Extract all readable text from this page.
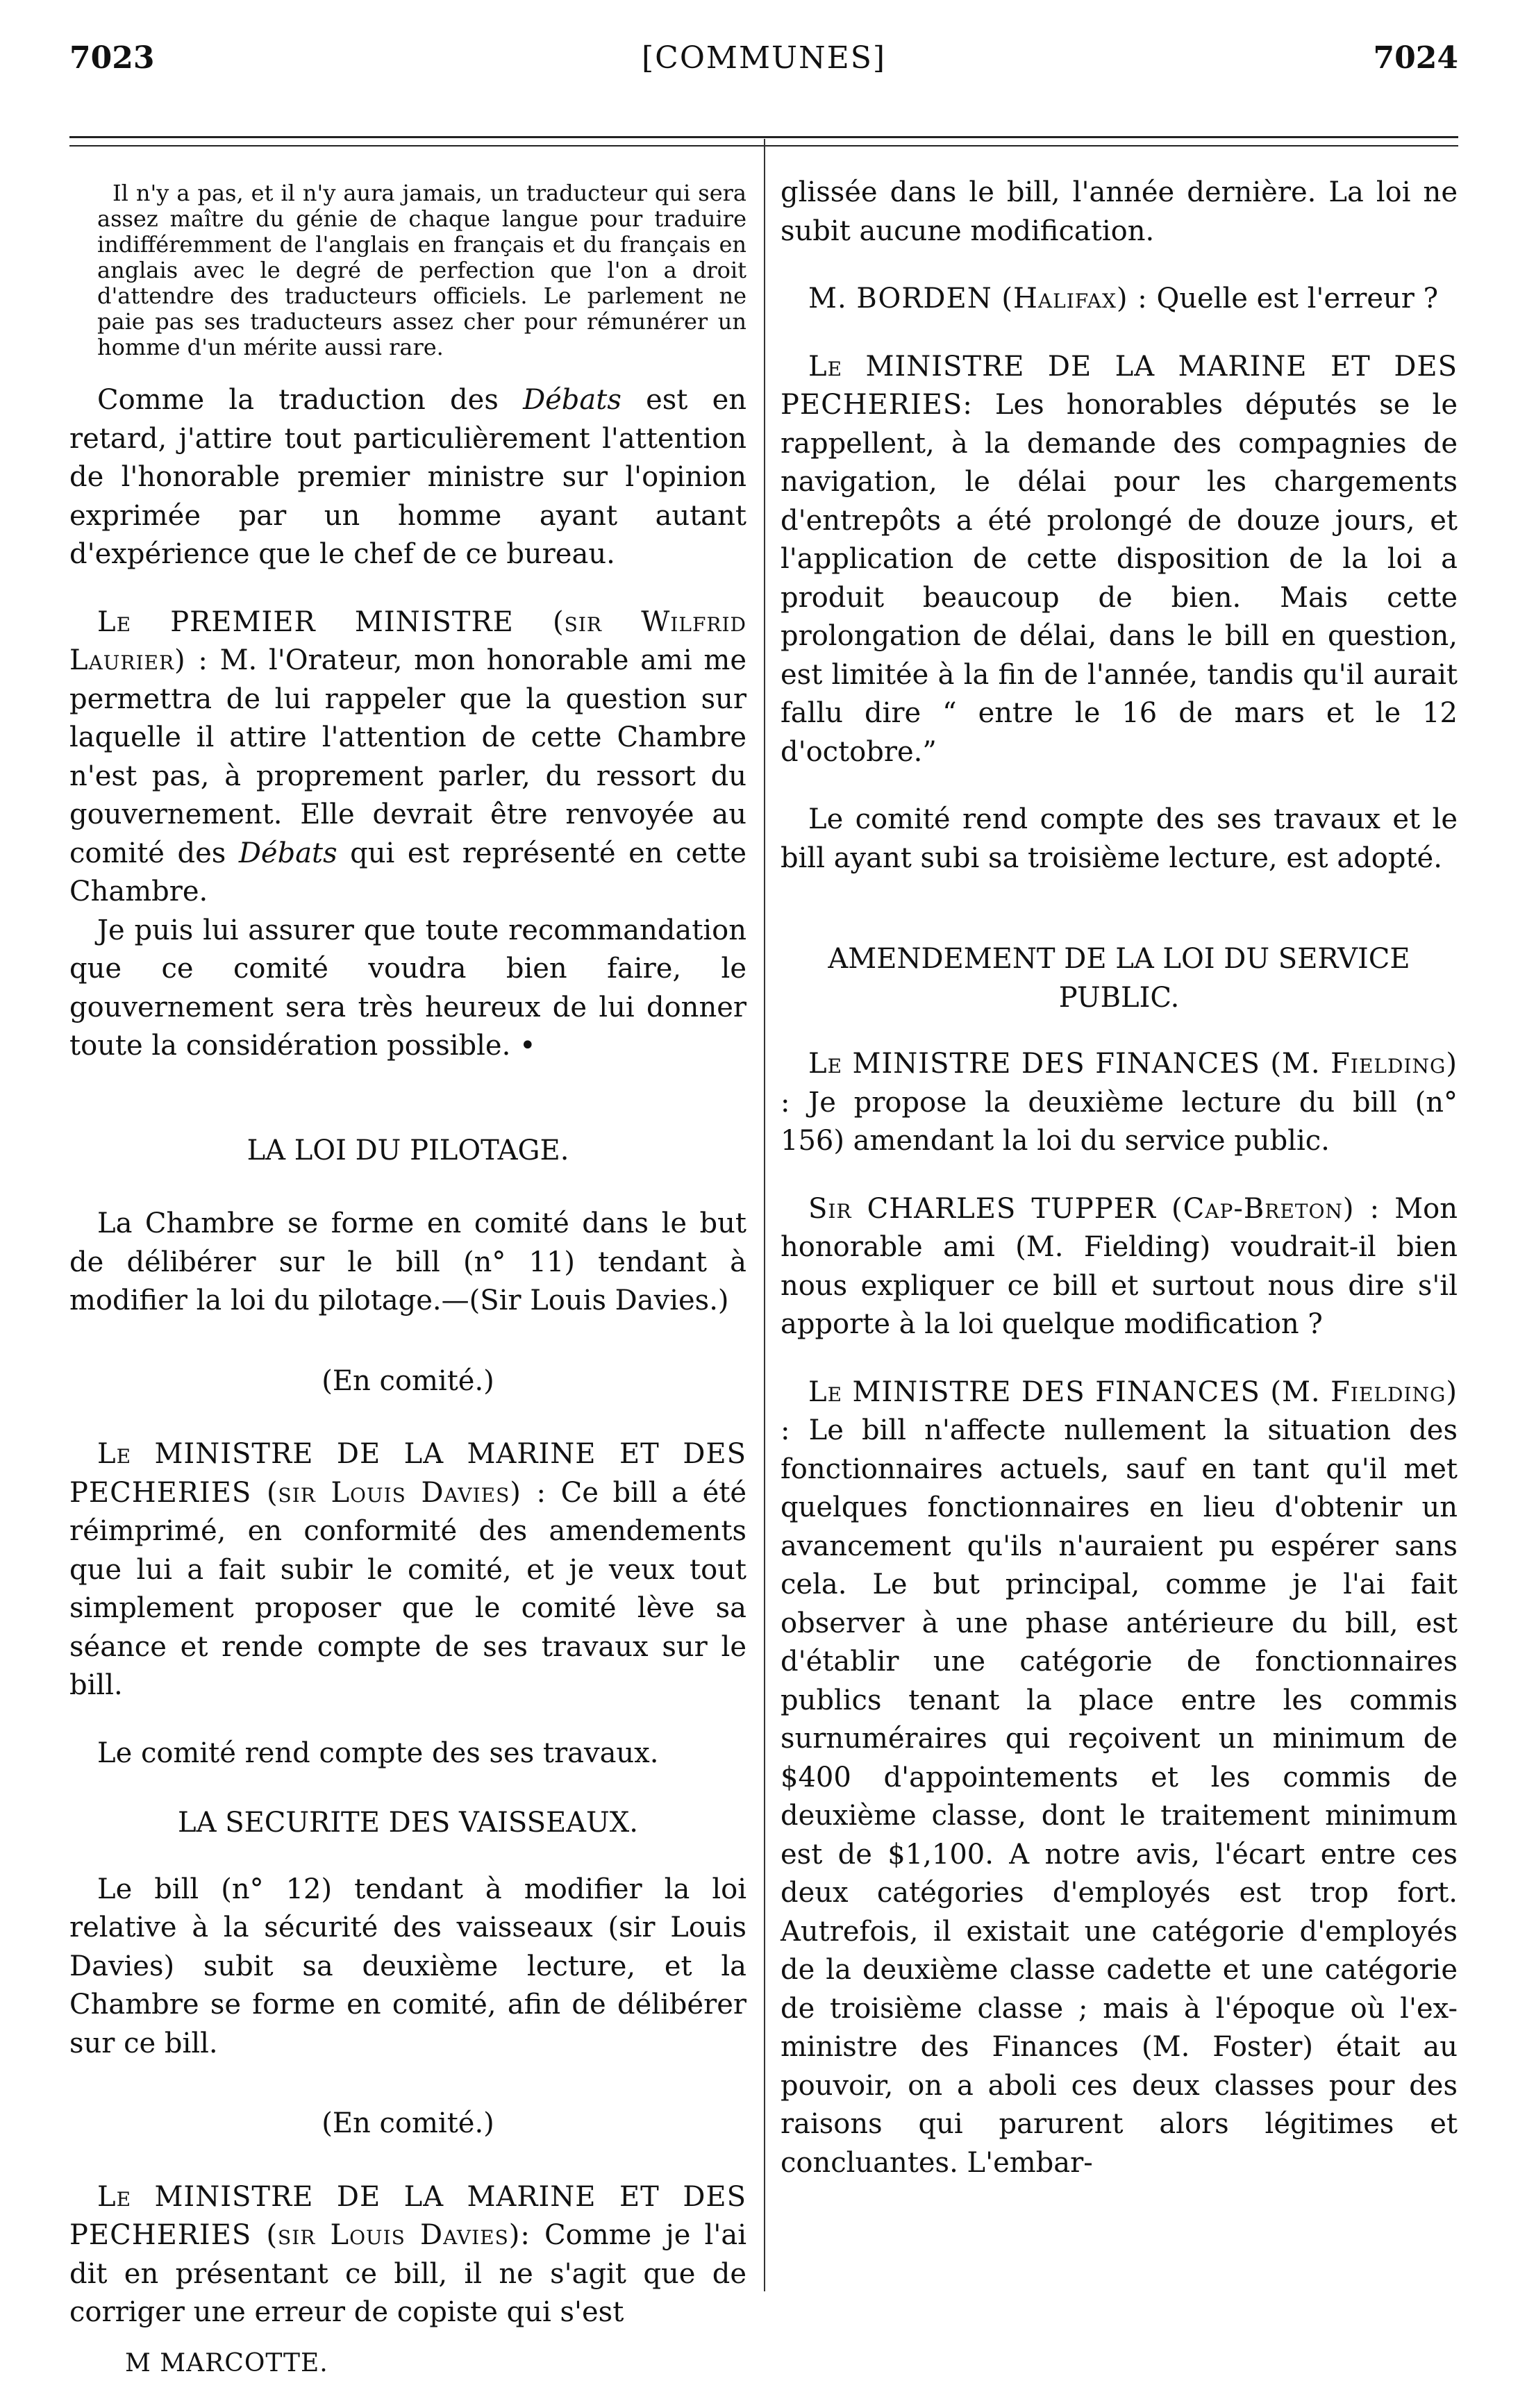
7023	[COMMUNES]	7024

Il n'y a pas, et il n'y aura jamais, un traducteur qui sera assez maître du génie de chaque langue pour traduire indifféremment de l'anglais en français et du français en anglais avec le degré de perfection que l'on a droit d'attendre des traducteurs officiels. Le parlement ne paie pas ses traducteurs assez cher pour rémunérer un homme d'un mérite aussi rare.

Comme la traduction des Débats est en retard, j'attire tout particulièrement l'attention de l'honorable premier ministre sur l'opinion exprimée par un homme ayant autant d'expérience que le chef de ce bureau.

Le PREMIER MINISTRE (sir Wilfrid Laurier) : M. l'Orateur, mon honorable ami me permettra de lui rappeler que la question sur laquelle il attire l'attention de cette Chambre n'est pas, à proprement parler, du ressort du gouvernement. Elle devrait être renvoyée au comité des Débats qui est représenté en cette Chambre.

Je puis lui assurer que toute recommandation que ce comité voudra bien faire, le gouvernement sera très heureux de lui donner toute la considération possible. •

LA LOI DU PILOTAGE.

La Chambre se forme en comité dans le but de délibérer sur le bill (n° 11) tendant à modifier la loi du pilotage.—(Sir Louis Davies.)

(En comité.)

Le MINISTRE DE LA MARINE ET DES PECHERIES (sir Louis Davies) : Ce bill a été réimprimé, en conformité des amendements que lui a fait subir le comité, et je veux tout simplement proposer que le comité lève sa séance et rende compte de ses travaux sur le bill.

Le comité rend compte des ses travaux.

LA SECURITE DES VAISSEAUX.

Le bill (n° 12) tendant à modifier la loi relative à la sécurité des vaisseaux (sir Louis Davies) subit sa deuxième lecture, et la Chambre se forme en comité, afin de délibérer sur ce bill.

(En comité.)

Le MINISTRE DE LA MARINE ET DES PECHERIES (sir Louis Davies): Comme je l'ai dit en présentant ce bill, il ne s'agit que de corriger une erreur de copiste qui s'est

M MARCOTTE.

glissée dans le bill, l'année dernière. La loi ne subit aucune modification.

M. BORDEN (Halifax) : Quelle est l'erreur ?

Le MINISTRE DE LA MARINE ET DES PECHERIES: Les honorables députés se le rappellent, à la demande des compagnies de navigation, le délai pour les chargements d'entrepôts a été prolongé de douze jours, et l'application de cette disposition de la loi a produit beaucoup de bien. Mais cette prolongation de délai, dans le bill en question, est limitée à la fin de l'année, tandis qu'il aurait fallu dire “ entre le 16 de mars et le 12 d'octobre.”

Le comité rend compte des ses travaux et le bill ayant subi sa troisième lecture, est adopté.

AMENDEMENT DE LA LOI DU SERVICE

PUBLIC.

Le MINISTRE DES FINANCES (M. Fielding) : Je propose la deuxième lecture du bill (n° 156) amendant la loi du service public.

Sir CHARLES TUPPER (Cap-Breton) : Mon honorable ami (M. Fielding) voudrait-il bien nous expliquer ce bill et surtout nous dire s'il apporte à la loi quelque modification ?

Le MINISTRE DES FINANCES (M. Fielding) : Le bill n'affecte nullement la situation des fonctionnaires actuels, sauf en tant qu'il met quelques fonctionnaires en lieu d'obtenir un avancement qu'ils n'auraient pu espérer sans cela. Le but principal, comme je l'ai fait observer à une phase antérieure du bill, est d'établir une catégorie de fonctionnaires publics tenant la place entre les commis surnuméraires qui reçoivent un minimum de $400 d'appointements et les commis de deuxième classe, dont le traitement minimum est de $1,100. A notre avis, l'écart entre ces deux catégories d'employés est trop fort. Autrefois, il existait une catégorie d'employés de la deuxième classe cadette et une catégorie de troisième classe ; mais à l'époque où l'ex-ministre des Finances (M. Foster) était au pouvoir, on a aboli ces deux classes pour des raisons qui parurent alors légitimes et concluantes. L'embar-
